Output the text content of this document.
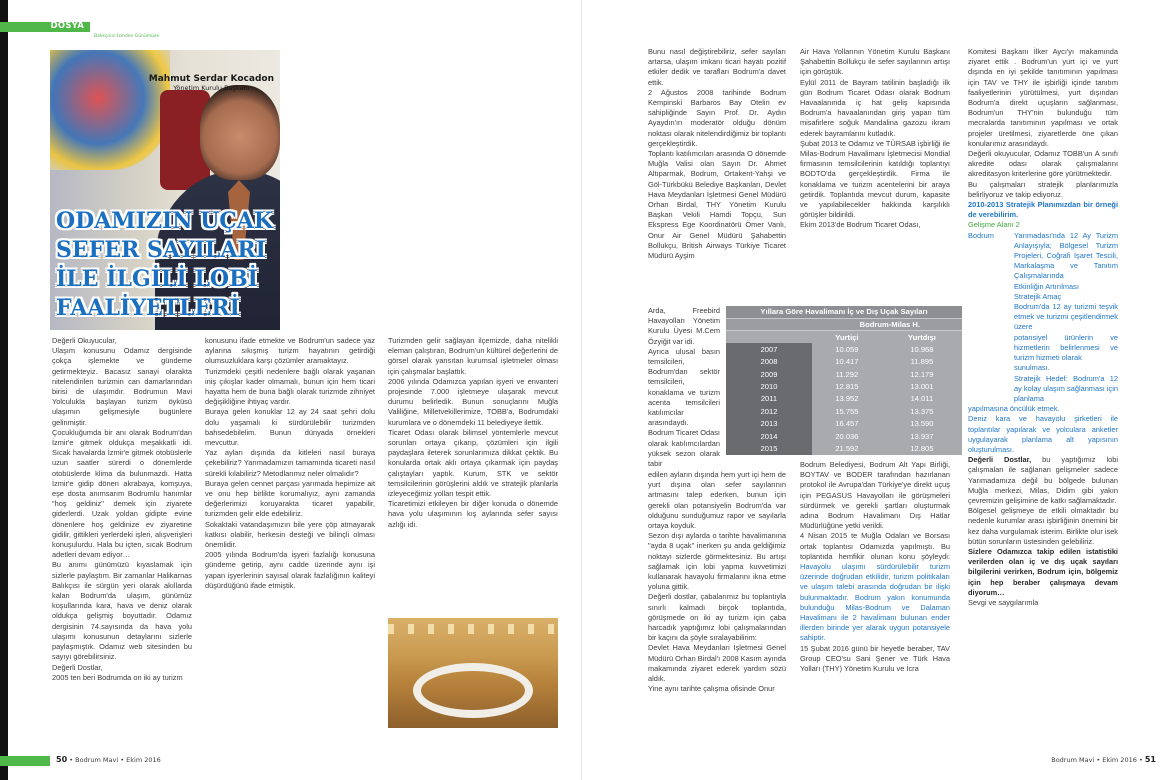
DOSYA
Balıkçının İzinden Günümüze
Mahmut Serdar Kocadon
Yönetim Kurulu Başkanı
ODAMIZIN UÇAK
SEFER SAYILARI
İLE İLGİLİ LOBİ
FAALİYETLERİ

Değerli Okuyucular,

Ulaşım konusunu Odamız dergisinde çokça işlemekte ve gündeme getirmekteyiz. Bacasız sanayi olarakta nitelendirilen turizmin can damarlarından birisi de ulaşımdır. Bodrumun Mavi Yolculukla başlayan turizm öyküsü ulaşımın gelişmesiyle bugünlere gelinmiştir.

Çocukluğumda bir anı olarak Bodrum'dan İzmir'e gitmek oldukça meşakkatli idi. Sıcak havalarda İzmir'e gitmek otobüslerle uzun saatler sürerdi o dönemlerde otobüslerde klima da bulunmazdı. Hatta İzmir'e gidip dönen akrabaya, komşuya, eşe dosta anımsarım Bodrumlu hanımlar "hoş geldiniz" demek için ziyarete giderlerdi. Uzak yoldan gidipte evine dönenlere hoş geldinize ev ziyaretine gidilir, gittikleri yerlerdeki işleri, alışverişleri konuşulurdu. Hala bu içten, sıcak Bodrum adetleri devam ediyor…

Bu anımı günümüzü kıyaslamak için sizlerle paylaştım. Bir zamanlar Halikarnas Balıkçısı ile sürgün yeri olarak akıllarda kalan Bodrum'da ulaşım, günümüz koşullarında kara, hava ve deniz olarak oldukça gelişmiş boyuttadır. Odamız dergisinin 74.sayısında da hava yolu ulaşımı konusunun detaylarını sizlerle paylaşmıştık. Odamız web sitesinden bu sayıyı görebilirsiniz.

Değerli Dostlar,

2005 ten beri Bodrumda on iki ay turizm

konusunu ifade etmekte ve Bodrum'un sadece yaz aylarına sıkışmış turizm hayatının getirdiği olumsuzluklara karşı çözümler aramaktayız.

Turizmdeki çeşitli nedenlere bağlı olarak yaşanan iniş çıkışlar kader olmamalı, bunun için hem ticari hayatta hem de buna bağlı olarak turizmde zihniyet değişikliğine ihtiyaç vardır.

Buraya gelen konuklar 12 ay 24 saat şehri dolu dolu yaşamalı ki sürdürülebilir turizmden bahsedebilelim. Bunun dünyada örnekleri mevcuttur.

Yaz ayları dışında da kitleleri nasıl buraya çekebiliriz? Yarımadamızın tamamında ticareti nasıl sürekli kılabiliriz? Metodlarımız neler olmalıdır?

Buraya gelen cennet parçası yarımada hepimize ait ve onu hep birlikte korumalıyız, aynı zamanda değerlerimizi koruyarakta ticaret yapabilir, turizmden gelir elde edebiliriz.

Sokaktaki vatandaşımızın bile yere çöp atmayarak katkısı olabilir, herkesin desteği ve bilinçli olması önemlidir.

2005 yılında Bodrum'da işyeri fazlalığı konusuna gündeme getirip, aynı cadde üzerinde aynı işi yapan işyerlerinin sayısal olarak fazlalığının kaliteyi düşürdüğünü ifade etmiştik.

Turizmden gelir sağlayan ilçemizde, daha nitelikli eleman çalıştıran, Bodrum'un kültürel değerlerini de görsel olarak yansıtan kurumsal işletmeler olması için çalışmalar başlattık.

2006 yılında Odamızca yapılan işyeri ve envanteri projesinde 7.000 işletmeye ulaşarak mevcut durumu belirledik. Bunun sonuçlarını Muğla Valiliğine, Milletvekillerimize, TOBB'a, Bodrumdaki kurumlara ve o dönemdeki 11 belediyeye ilettik.

Ticaret Odası olarak bilimsel yöntemlerle mevcut sorunları ortaya çıkarıp, çözümleri için ilgili paydaşlara ileterek sorunlarımıza dikkat çektik. Bu konularda ortak aklı ortaya çıkarmak için paydaş çalıştayları yaptık. Kurum, STK ve sektör temsilcilerinin görüşlerini aldık ve stratejik planlarla izleyeceğimiz yolları tespit ettik.

Ticaretimizi etkileyen bir diğer konuda o dönemde hava yolu ulaşımının kış aylarında sefer sayısı azlığı idi.

Bunu nasıl değiştirebiliriz, sefer sayıları artarsa, ulaşım imkanı ticari hayatı pozitif etkiler dedik ve tarafları Bodrum'a davet ettik.

2 Ağustos 2008 tarihinde Bodrum Kempinski Barbaros Bay Otelin ev sahipliğinde Sayın Prof. Dr. Aydın Ayaydın'ın moderatör olduğu dönüm noktası olarak nitelendirdiğimiz bir toplantı gerçekleştirdik.

Toplantı katılımcıları arasında O dönemde Muğla Valisi olan Sayın Dr. Ahmet Altıparmak, Bodrum, Ortakent-Yahşi ve Göl-Türkbükü Belediye Başkanları, Devlet Hava Meydanları İşletmesi Genel Müdürü Orhan Birdal, THY Yönetim Kurulu Başkan Vekili Hamdi Topçu, Sun Ekspress Ege Koordinatörü Ömer Vanlı, Onur Air Genel Müdürü Şahabettin Bollukçu, British Airways Türkiye Ticaret Müdürü Ayşim

Arda, Freebird Havayolları Yönetim Kurulu Üyesi M.Cem Özyiğit var idi.

Ayrıca ulusal basın temsilcileri, Bodrum'dan sektör temsilcileri, konaklama ve turizm acenta temsilcileri katılımcılar arasındaydı.

Bodrum Ticaret Odası olarak katılımcılardan yüksek sezon olarak tabir

edilen ayların dışında hem yurt içi hem de yurt dışına olan sefer sayılarının artmasını talep ederken, bunun için gerekli olan potansiyelin Bodrum'da var olduğunu sunduğumuz rapor ve sayılarla ortaya koyduk.

Sezon dışı aylarda o tarihte havalimanına "ayda 8 uçak" inerken şu anda geldiğimiz noktayı sizlerde görmektesiniz. Bu artışı sağlamak için lobi yapma kuvvetimizi kullanarak havayolu firmalarını ikna etme yoluna gittik.

Değerli dostlar, çabalarımız bu toplantıyla sınırlı kalmadı birçok toplantıda, görüşmede on iki ay turizm için çaba harcadık yaptığımız lobi çalışmalarından bir kaçını da şöyle sıralayabilirim:

Devlet Hava Meydanları İşletmesi Genel Müdürü Orhan Birdal'ı 2008 Kasım ayında makamında ziyaret ederek yardım sözü aldık.

Yine aynı tarihte çalışma ofisinde Onur

Air Hava Yollarının Yönetim Kurulu Başkanı Şahabettin Bollukçu ile sefer sayılarının artışı için görüştük.

Eylül 2011 de Bayram tatilinin başladığı ilk gün Bodrum Ticaret Odası olarak Bodrum Havaalanında iç hat geliş kapısında Bodrum'a havaalanından giriş yapan tüm misafirlere soğuk Mandalina gazozu ikram ederek bayramlarını kutladık.

Şubat 2013 te Odamız ve TÜRSAB işbirliği ile Milas-Bodrum Havalimanı İşletmecisi Mondial firmasının temsilcilerinin katıldığı toplantıyı BODTO'da gerçekleştirdik. Firma ile konaklama ve turizm acentelerini bir araya getirdik. Toplantıda mevcut durum, kapasite ve yapılabilecekler hakkında karşılıklı görüşler bildirildi.

Ekim 2013'de Bodrum Ticaret Odası,

Bodrum Belediyesi, Bodrum Alt Yapı Birliği, BOYTAV ve BODER tarafından hazırlanan protokol ile Avrupa'dan Türkiye'ye direkt uçuş için PEGASUS Havayolları ile görüşmeleri sürdürmek ve gerekli şartları oluşturmak adına Bodrum Havalimanı Dış Hatlar Müdürlüğüne yetki verildi.

4 Nisan 2015 te Muğla Odaları ve Borsası ortak toplantısı Odamızda yapılmıştı. Bu toplantıda hemfikir olunan konu şöyleydi: Havayolu ulaşımı sürdürülebilir turizm üzerinde doğrudan etkilidir, turizm politikaları ve ulaşım talebi arasında doğrudan bir ilişki bulunmaktadır. Bodrum yakın konumunda bulunduğu Milas-Bodrum ve Dalaman Havalimanı ile 2 havalimanı bulunan ender illerden birinde yer alarak uygun potansiyele sahiptir.

15 Şubat 2016 günü bir heyetle beraber, TAV Group CEO'su Sani Şener ve Türk Hava Yolları (THY) Yönetim Kurulu ve İcra

Yıllara Göre Havalimanı İç ve Dış Uçak Sayıları		
Bodrum-Milas H.		
	Yurtiçi	Yurtdışı
2007	10.059	10.968
2008	10.417	11.895
2009	11.292	12.179
2010	12.815	13.001
2011	13.952	14.011
2012	15.755	13.375
2013	16.457	13.590
2014	20.036	13.937
2015	21.592	12.805

Komitesi Başkanı İlker Aycı'yı makamında ziyaret ettik . Bodrum'un yurt içi ve yurt dışında en iyi şekilde tanıtımının yapılması için TAV ve THY ile işbirliği içinde tanıtım faaliyetlerinin yürütülmesi, yurt dışından Bodrum'a direkt uçuşların sağlanması, Bodrum'un THY'nin bulunduğu tüm mecralarda tanıtımının yapılması ve ortak projeler üretilmesi, ziyaretlerde öne çıkan konularımız arasındaydı.

Değerli okuyucular, Odamız TOBB'un A sınıfı akredite odası olarak çalışmalarını akreditasyon kriterlerine göre yürütmektedir.

Bu çalışmaları stratejik planlarımızla belirliyoruz ve takip ediyoruz.

2010-2013 Stratejik Planımızdan bir örneği de verebilirim.

Gelişme Alanı 2

Bodrum	Yarımadası'nda 12 Ay Turizm Anlayışıyla; Bölgesel Turizm Projeleri, Coğrafi İşaret Tescili, Markalaşma ve Tanıtım Çalışmalarında

Etkinliğin Artırılması

Stratejik Amaç

Bodrum'da 12 ay turizmi teşvik etmek ve turizmi çeşitlendirmek üzere

potansiyel ürünlerin ve hizmetlerin belirlenmesi ve turizm hizmeti olarak

sunulması.

Stratejik Hedef: Bodrum'a 12 ay kolay ulaşım sağlanması için planlama

yapılmasına öncülük etmek.

Deniz kara ve havayolu şirketleri ile toplantılar yapılarak ve yolculara anketler uygulayarak planlama alt yapısının oluşturulması.

Değerli Dostlar, bu yaptığımız lobi çalışmaları ile sağlanan gelişmeler sadece Yarımadamıza değil bu bölgede bulunan Muğla merkezi, Milas, Didim gibi yakın çevremizin gelişimine de katkı sağlamaktadır.

Bölgesel gelişmeye de etkili olmaktadır bu nedenle kurumlar arası işbirliğinin önemini bir kez daha vurgulamak isterim. Birlikte olur isek bütün sorunların üstesinden gelebiliriz.

Sizlere Odamızca takip edilen istatistiki verilerden olan iç ve dış uçak sayıları bilgilerini verirken, Bodrum için, bölgemiz için hep beraber çalışmaya devam diyorum…

Sevgi ve saygılarımla

50 • Bodrum Mavi • Ekim 2016	Bodrum Mavi • Ekim 2016 • 51
